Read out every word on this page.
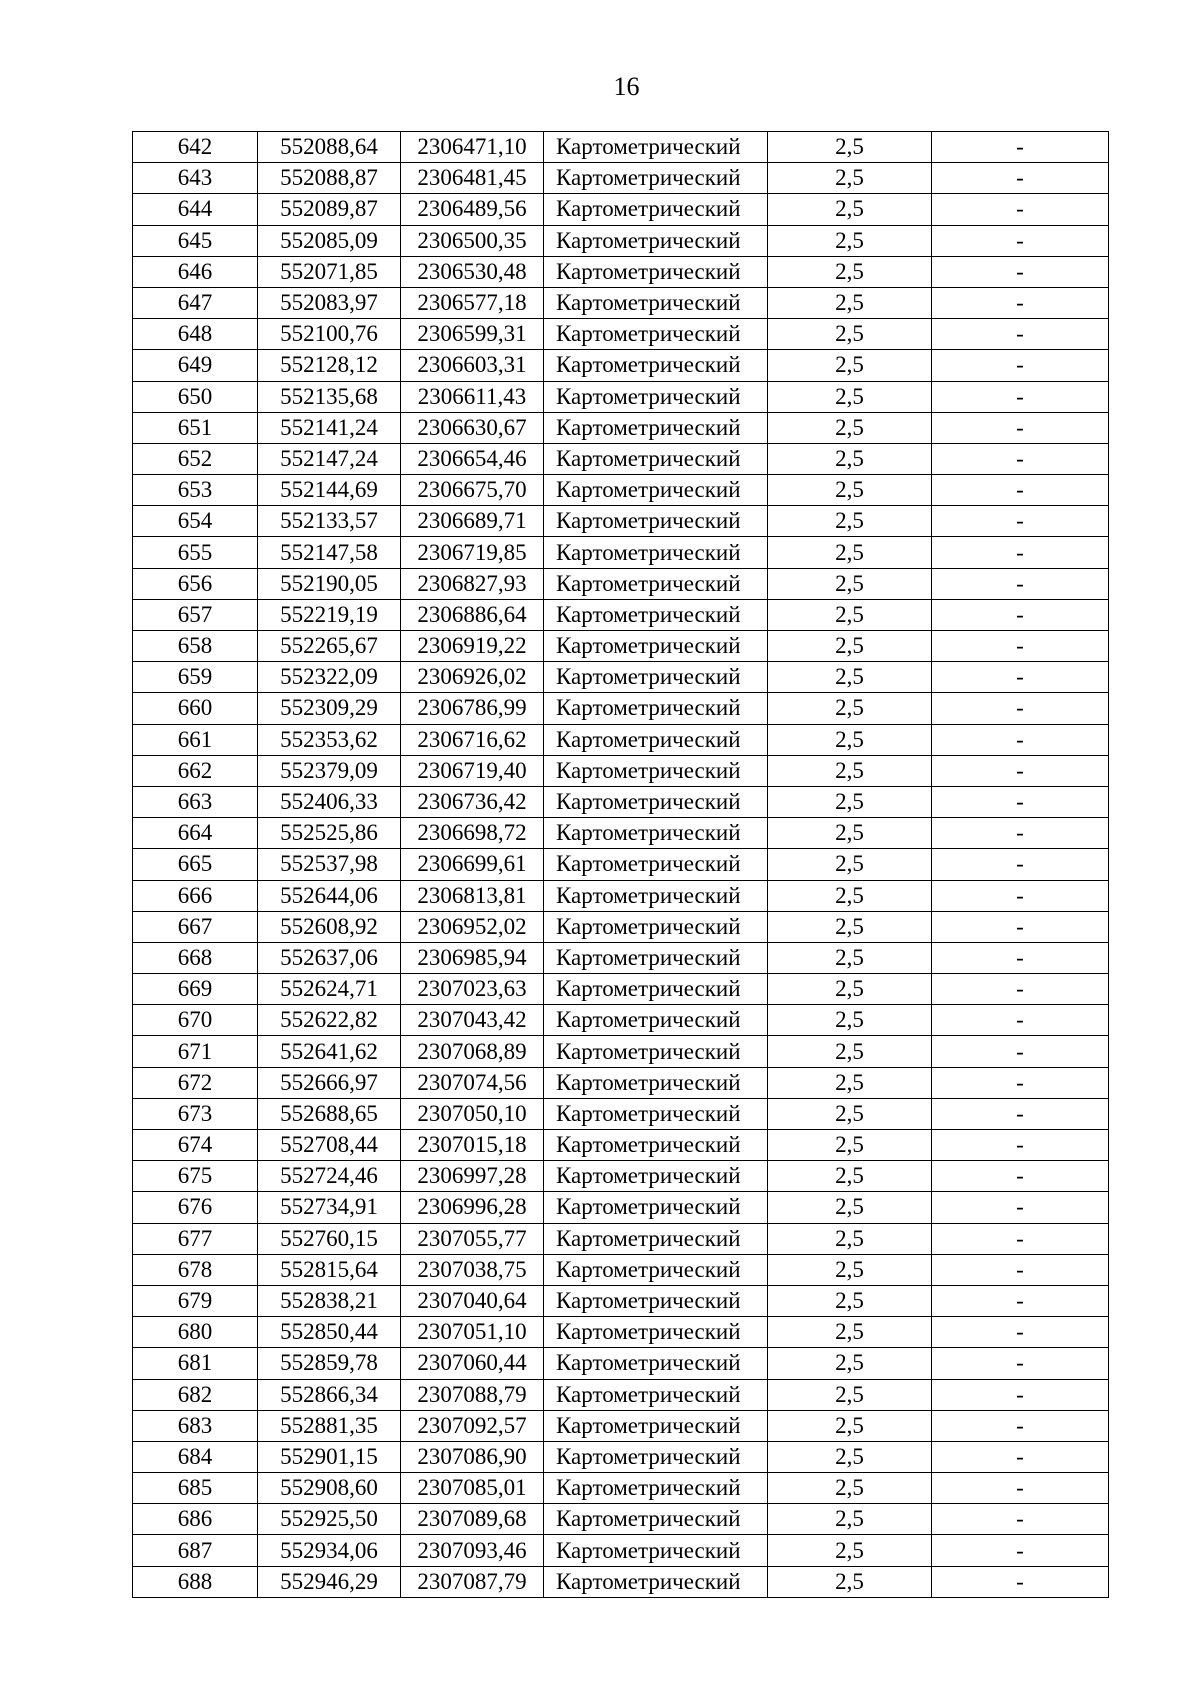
16
642	552088,64	2306471,10	Картометрический	2,5	-
643	552088,87	2306481,45	Картометрический	2,5	-
644	552089,87	2306489,56	Картометрический	2,5	-
645	552085,09	2306500,35	Картометрический	2,5	-
646	552071,85	2306530,48	Картометрический	2,5	-
647	552083,97	2306577,18	Картометрический	2,5	-
648	552100,76	2306599,31	Картометрический	2,5	-
649	552128,12	2306603,31	Картометрический	2,5	-
650	552135,68	2306611,43	Картометрический	2,5	-
651	552141,24	2306630,67	Картометрический	2,5	-
652	552147,24	2306654,46	Картометрический	2,5	-
653	552144,69	2306675,70	Картометрический	2,5	-
654	552133,57	2306689,71	Картометрический	2,5	-
655	552147,58	2306719,85	Картометрический	2,5	-
656	552190,05	2306827,93	Картометрический	2,5	-
657	552219,19	2306886,64	Картометрический	2,5	-
658	552265,67	2306919,22	Картометрический	2,5	-
659	552322,09	2306926,02	Картометрический	2,5	-
660	552309,29	2306786,99	Картометрический	2,5	-
661	552353,62	2306716,62	Картометрический	2,5	-
662	552379,09	2306719,40	Картометрический	2,5	-
663	552406,33	2306736,42	Картометрический	2,5	-
664	552525,86	2306698,72	Картометрический	2,5	-
665	552537,98	2306699,61	Картометрический	2,5	-
666	552644,06	2306813,81	Картометрический	2,5	-
667	552608,92	2306952,02	Картометрический	2,5	-
668	552637,06	2306985,94	Картометрический	2,5	-
669	552624,71	2307023,63	Картометрический	2,5	-
670	552622,82	2307043,42	Картометрический	2,5	-
671	552641,62	2307068,89	Картометрический	2,5	-
672	552666,97	2307074,56	Картометрический	2,5	-
673	552688,65	2307050,10	Картометрический	2,5	-
674	552708,44	2307015,18	Картометрический	2,5	-
675	552724,46	2306997,28	Картометрический	2,5	-
676	552734,91	2306996,28	Картометрический	2,5	-
677	552760,15	2307055,77	Картометрический	2,5	-
678	552815,64	2307038,75	Картометрический	2,5	-
679	552838,21	2307040,64	Картометрический	2,5	-
680	552850,44	2307051,10	Картометрический	2,5	-
681	552859,78	2307060,44	Картометрический	2,5	-
682	552866,34	2307088,79	Картометрический	2,5	-
683	552881,35	2307092,57	Картометрический	2,5	-
684	552901,15	2307086,90	Картометрический	2,5	-
685	552908,60	2307085,01	Картометрический	2,5	-
686	552925,50	2307089,68	Картометрический	2,5	-
687	552934,06	2307093,46	Картометрический	2,5	-
688	552946,29	2307087,79	Картометрический	2,5	-
